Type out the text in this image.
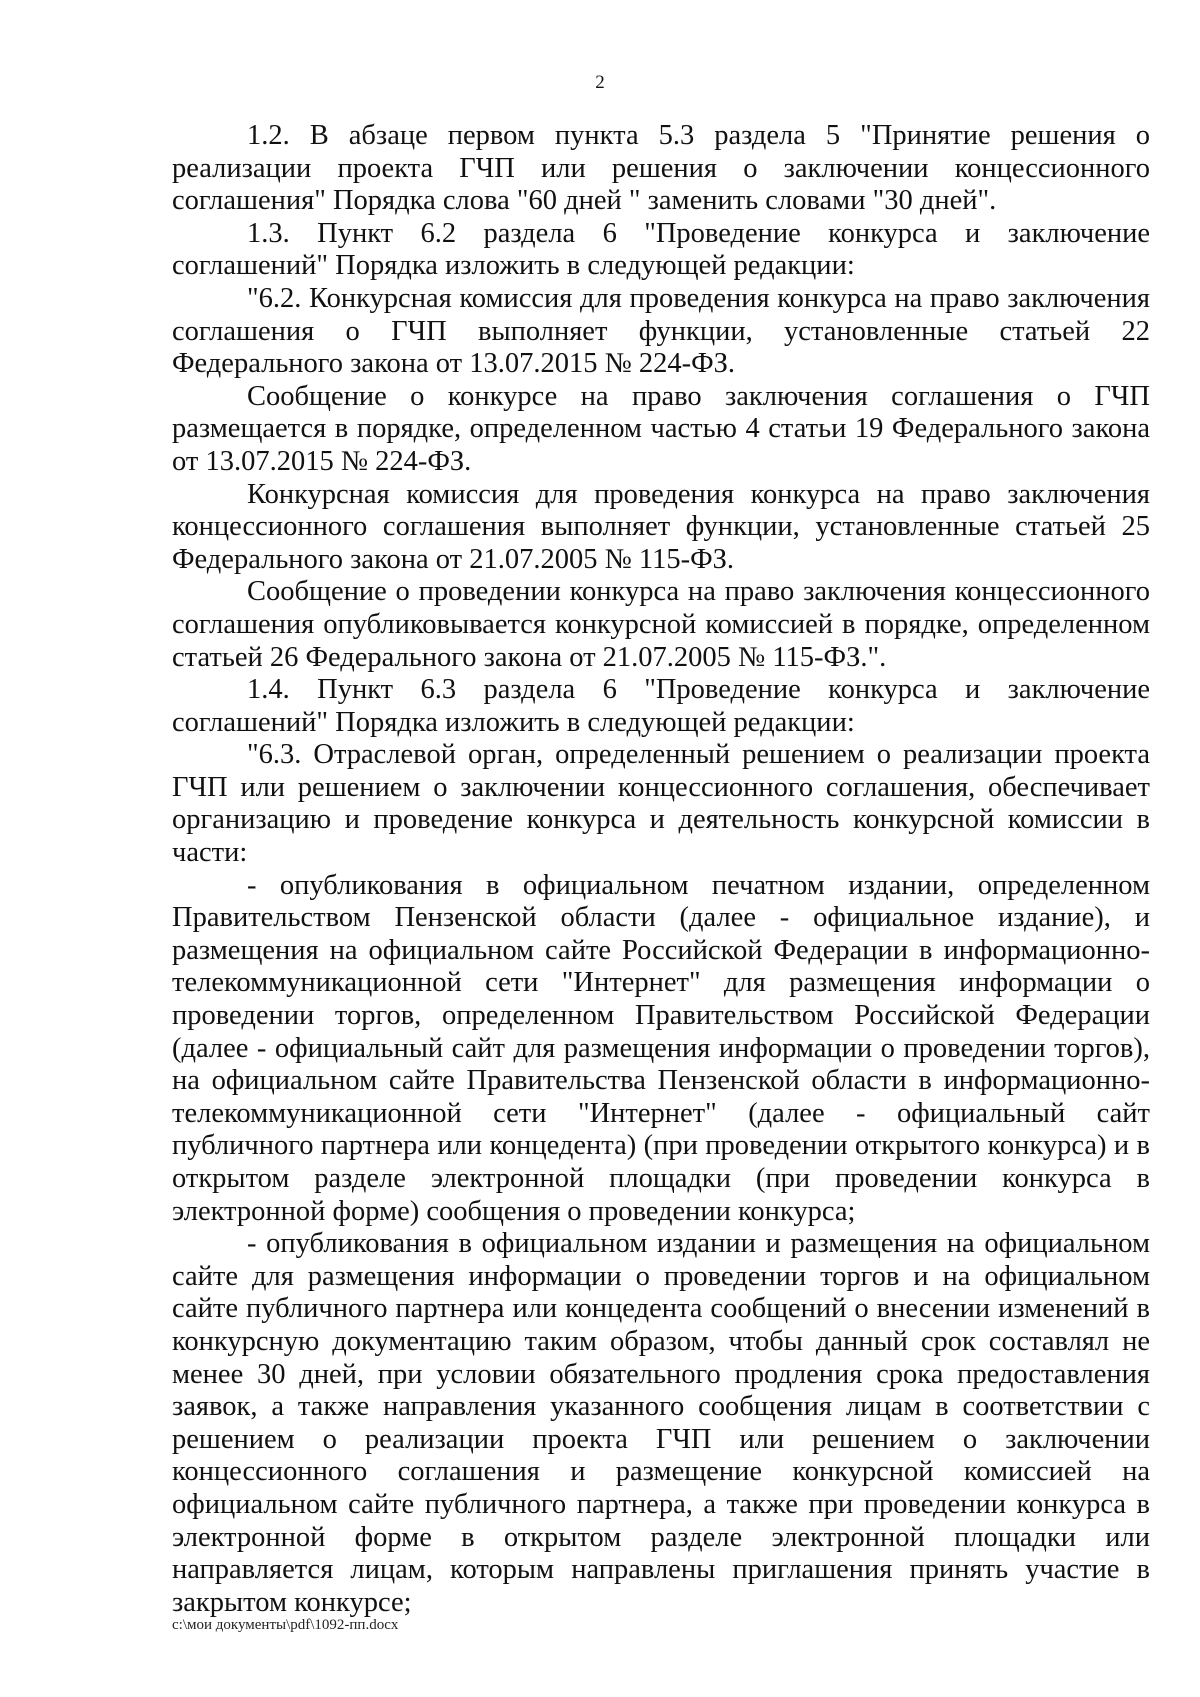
2

1.2. В абзаце первом пункта 5.3 раздела 5 "Принятие решения о реализации проекта ГЧП или решения о заключении концессионного соглашения" Порядка слова "60 дней " заменить словами "30 дней".

1.3. Пункт 6.2 раздела 6 "Проведение конкурса и заключение соглашений" Порядка изложить в следующей редакции:

"6.2. Конкурсная комиссия для проведения конкурса на право заключения соглашения о ГЧП выполняет функции, установленные статьей 22 Федерального закона от 13.07.2015 № 224-ФЗ.

Сообщение о конкурсе на право заключения соглашения о ГЧП размещается в порядке, определенном частью 4 статьи 19 Федерального закона от 13.07.2015 № 224-ФЗ.

Конкурсная комиссия для проведения конкурса на право заключения концессионного соглашения выполняет функции, установленные статьей 25 Федерального закона от 21.07.2005 № 115-ФЗ.

Сообщение о проведении конкурса на право заключения концессионного соглашения опубликовывается конкурсной комиссией в порядке, определенном статьей 26 Федерального закона от 21.07.2005 № 115-ФЗ.".

1.4. Пункт 6.3 раздела 6 "Проведение конкурса и заключение соглашений" Порядка изложить в следующей редакции:

"6.3. Отраслевой орган, определенный решением о реализации проекта ГЧП или решением о заключении концессионного соглашения, обеспечивает организацию и проведение конкурса и деятельность конкурсной комиссии в части:

- опубликования в официальном печатном издании, определенном Правительством Пензенской области (далее - официальное издание), и размещения на официальном сайте Российской Федерации в информационно-телекоммуникационной сети "Интернет" для размещения информации о проведении торгов, определенном Правительством Российской Федерации (далее - официальный сайт для размещения информации о проведении торгов), на официальном сайте Правительства Пензенской области в информационно-телекоммуникационной сети "Интернет" (далее - официальный сайт публичного партнера или концедента) (при проведении открытого конкурса) и в открытом разделе электронной площадки (при проведении конкурса в электронной форме) сообщения о проведении конкурса;

- опубликования в официальном издании и размещения на официальном сайте для размещения информации о проведении торгов и на официальном сайте публичного партнера или концедента сообщений о внесении изменений в конкурсную документацию таким образом, чтобы данный срок составлял не менее 30 дней, при условии обязательного продления срока предоставления заявок, а также направления указанного сообщения лицам в соответствии с решением о реализации проекта ГЧП или решением о заключении концессионного соглашения и размещение конкурсной комиссией на официальном сайте публичного партнера, а также при проведении конкурса в электронной форме в открытом разделе электронной площадки или направляется лицам, которым направлены приглашения принять участие в закрытом конкурсе;

c:\мои документы\pdf\1092-пп.docx
